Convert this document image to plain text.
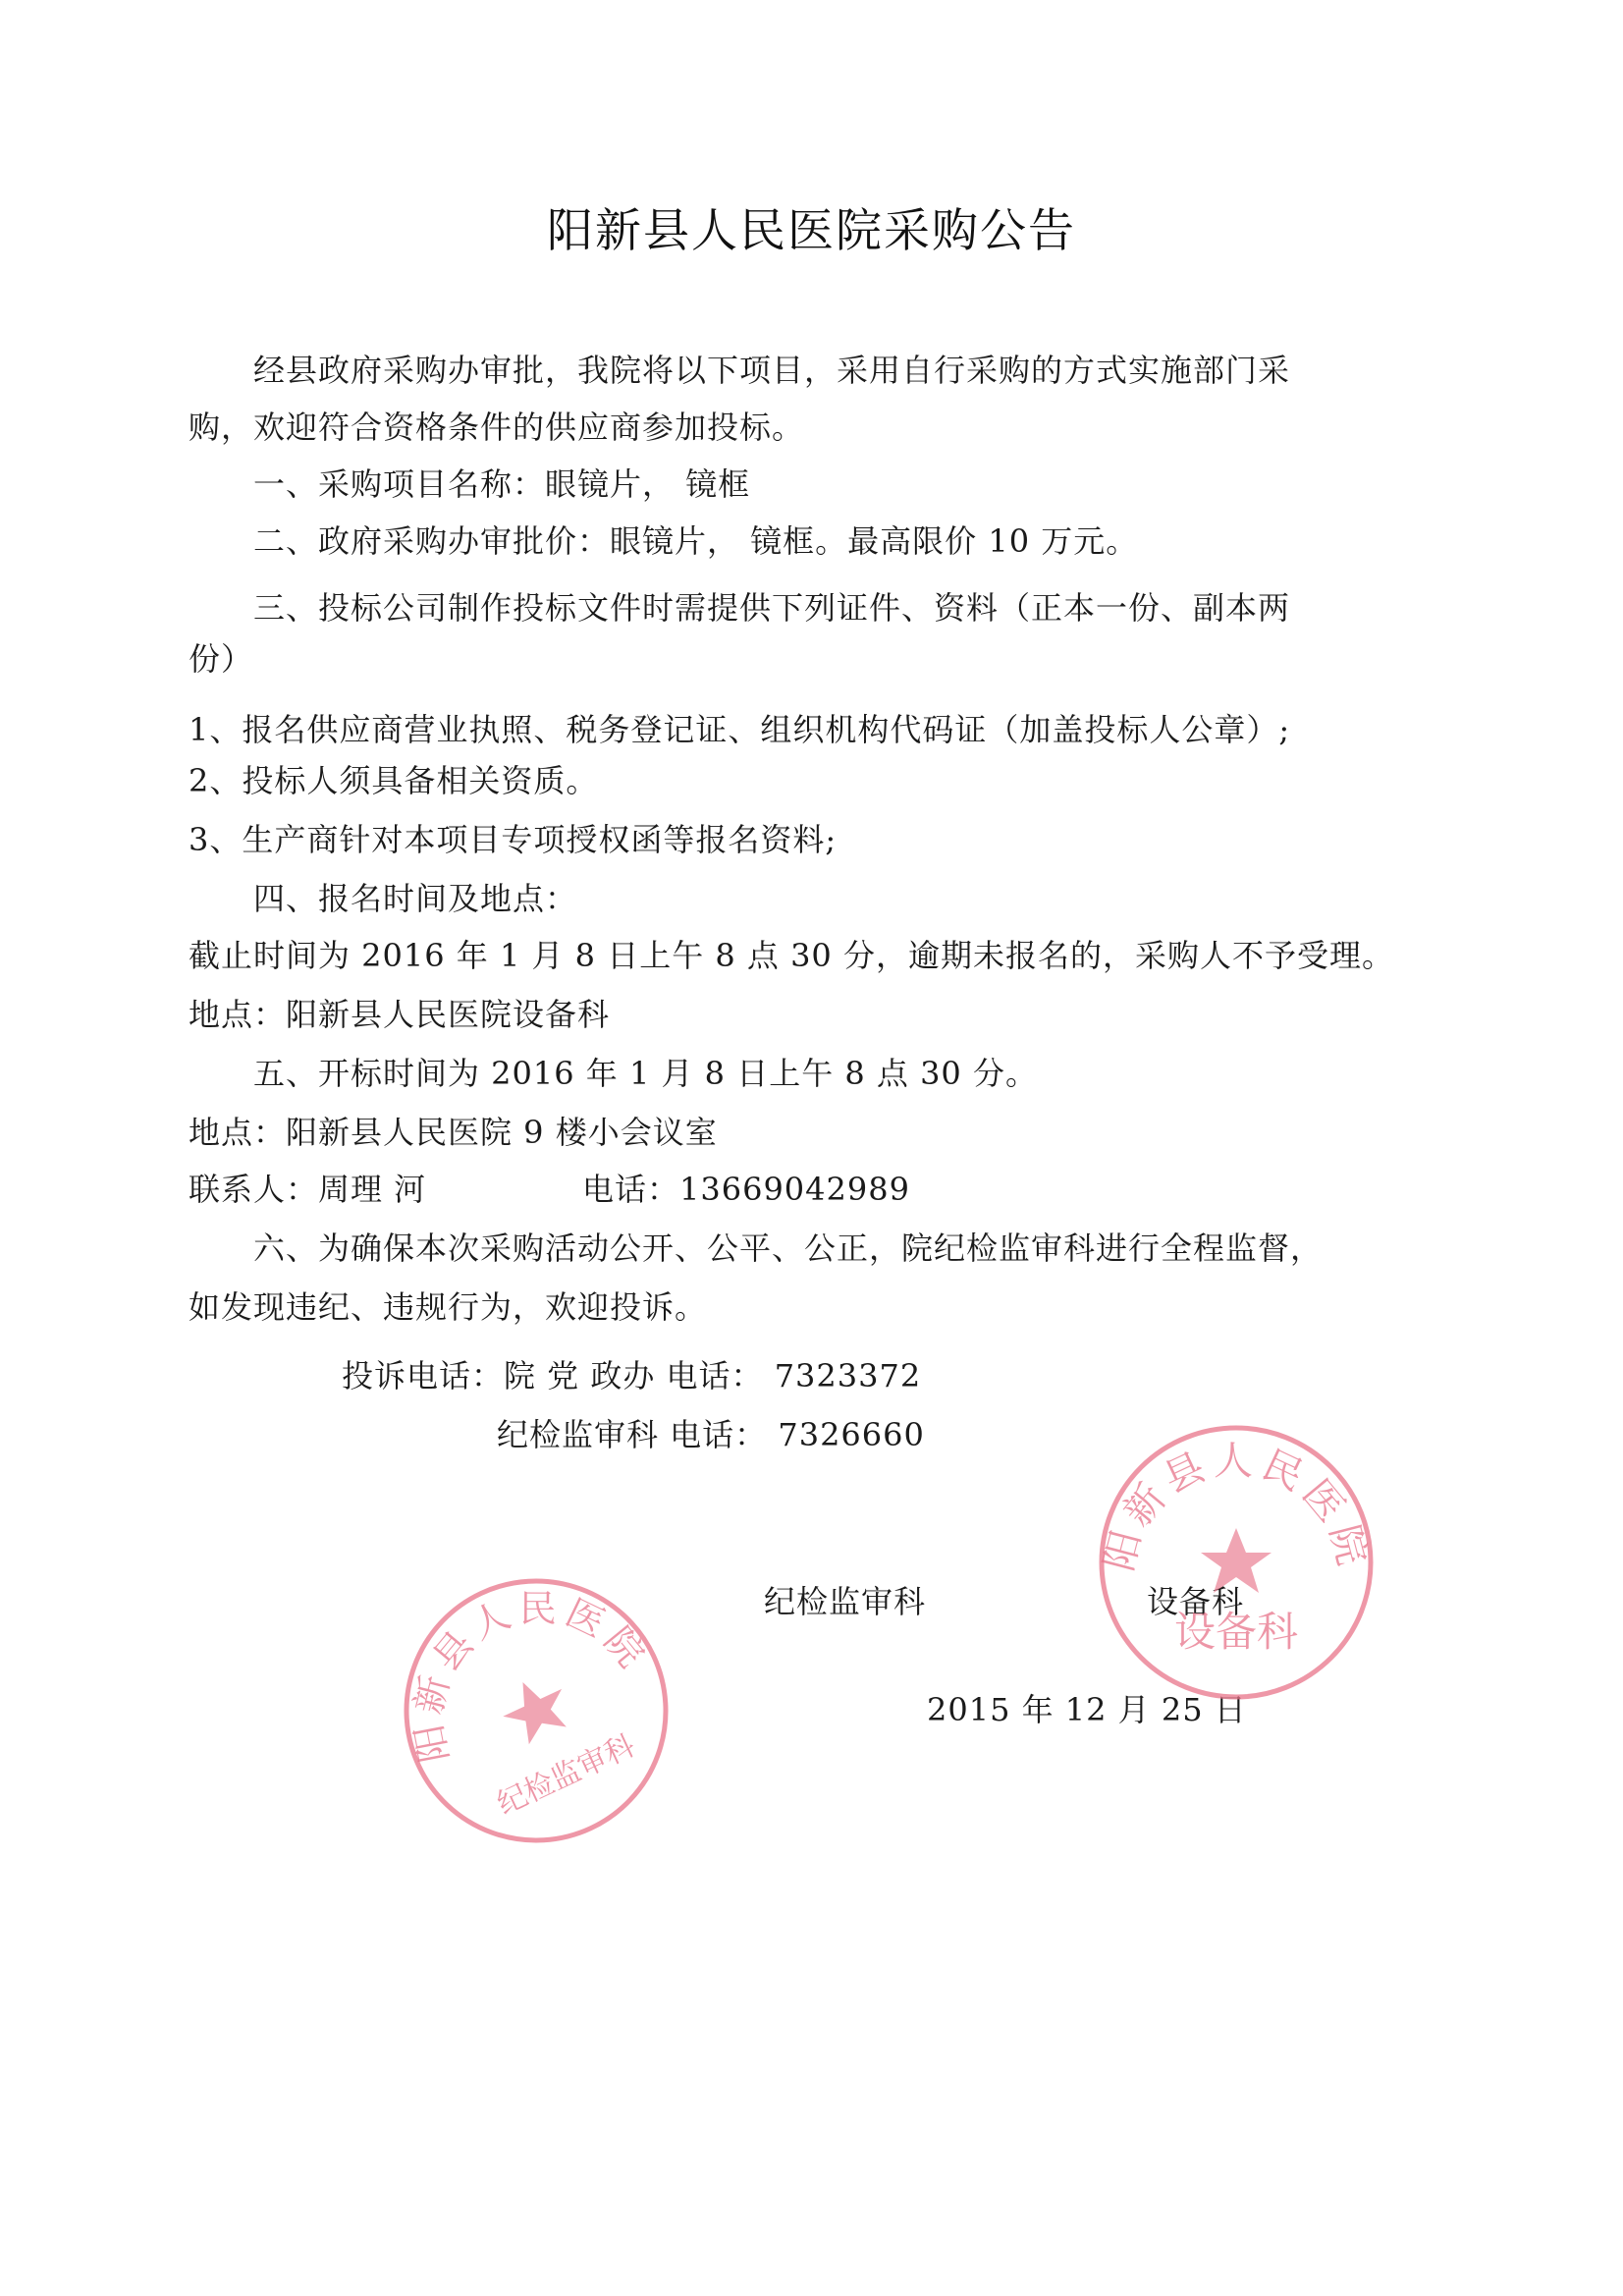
阳新县人民医院采购公告
经县政府采购办审批，我院将以下项目，采用自行采购的方式实施部门采
购，欢迎符合资格条件的供应商参加投标。
一、采购项目名称：眼镜片， 镜框
二、政府采购办审批价：眼镜片， 镜框。最高限价 10 万元。
三、投标公司制作投标文件时需提供下列证件、资料（正本一份、副本两
份）
1、报名供应商营业执照、税务登记证、组织机构代码证（加盖投标人公章）;
2、投标人须具备相关资质。
3、生产商针对本项目专项授权函等报名资料;
四、报名时间及地点：
截止时间为 2016 年 1 月 8 日上午 8 点 30 分，逾期未报名的，采购人不予受理。
地点：阳新县人民医院设备科
五、开标时间为 2016 年 1 月 8 日上午 8 点 30 分。
地点：阳新县人民医院 9 楼小会议室
联系人：周理 河	电话：13669042989
六、为确保本次采购活动公开、公平、公正，院纪检监审科进行全程监督，
如发现违纪、违规行为，欢迎投诉。
投诉电话：院 党 政办 电话： 7323372
纪检监审科 电话： 7326660
纪检监审科	设备科
2015 年 12 月 25 日
阳新县人民医院
纪检监审科
阳新县人民医院
设备科
